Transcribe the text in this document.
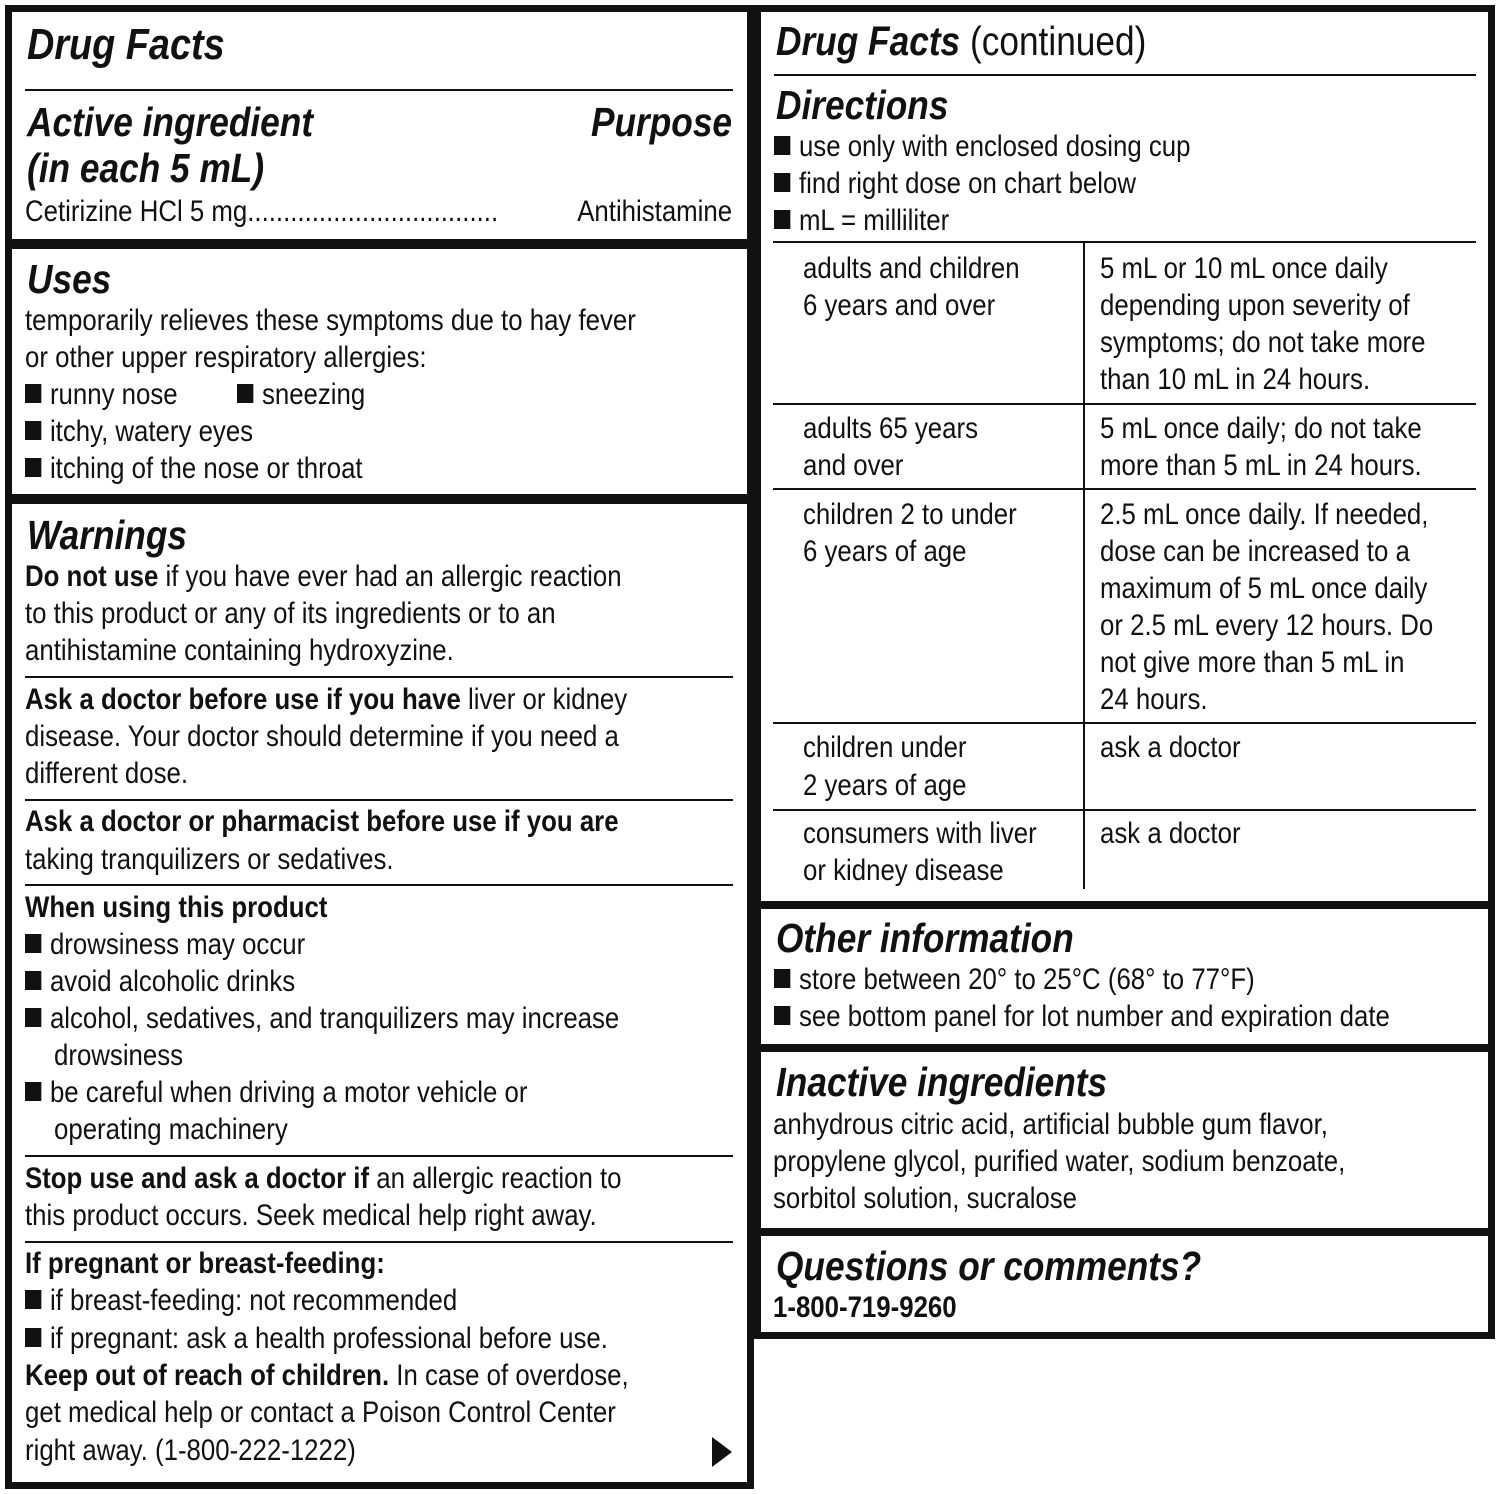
Drug Facts
Active ingredient
(in each 5 mL)
Purpose
Cetirizine HCl 5 mg...................................	Antihistamine
Uses
temporarily relieves these symptoms due to hay fever
or other upper respiratory allergies:
runny nose	sneezing
itchy, watery eyes
itching of the nose or throat
Warnings
Do not use if you have ever had an allergic reaction
to this product or any of its ingredients or to an
antihistamine containing hydroxyzine.
Ask a doctor before use if you have liver or kidney
disease. Your doctor should determine if you need a
different dose.
Ask a doctor or pharmacist before use if you are
taking tranquilizers or sedatives.
When using this product
drowsiness may occur
avoid alcoholic drinks
alcohol, sedatives, and tranquilizers may increase
drowsiness
be careful when driving a motor vehicle or
operating machinery
Stop use and ask a doctor if an allergic reaction to
this product occurs. Seek medical help right away.
If pregnant or breast-feeding:
if breast-feeding: not recommended
if pregnant: ask a health professional before use.
Keep out of reach of children. In case of overdose,
get medical help or contact a Poison Control Center
right away. (1-800-222-1222)
Drug Facts (continued)
Directions
use only with enclosed dosing cup
find right dose on chart below
mL = milliliter
adults and children
6 years and over
5 mL or 10 mL once daily
depending upon severity of
symptoms; do not take more
than 10 mL in 24 hours.
adults 65 years
and over
5 mL once daily; do not take
more than 5 mL in 24 hours.
children 2 to under
6 years of age
2.5 mL once daily. If needed,
dose can be increased to a
maximum of 5 mL once daily
or 2.5 mL every 12 hours. Do
not give more than 5 mL in
24 hours.
children under
2 years of age
ask a doctor
consumers with liver
or kidney disease
ask a doctor
Other information
store between 20° to 25°C (68° to 77°F)
see bottom panel for lot number and expiration date
Inactive ingredients
anhydrous citric acid, artificial bubble gum flavor,
propylene glycol, purified water, sodium benzoate,
sorbitol solution, sucralose
Questions or comments?
1-800-719-9260
